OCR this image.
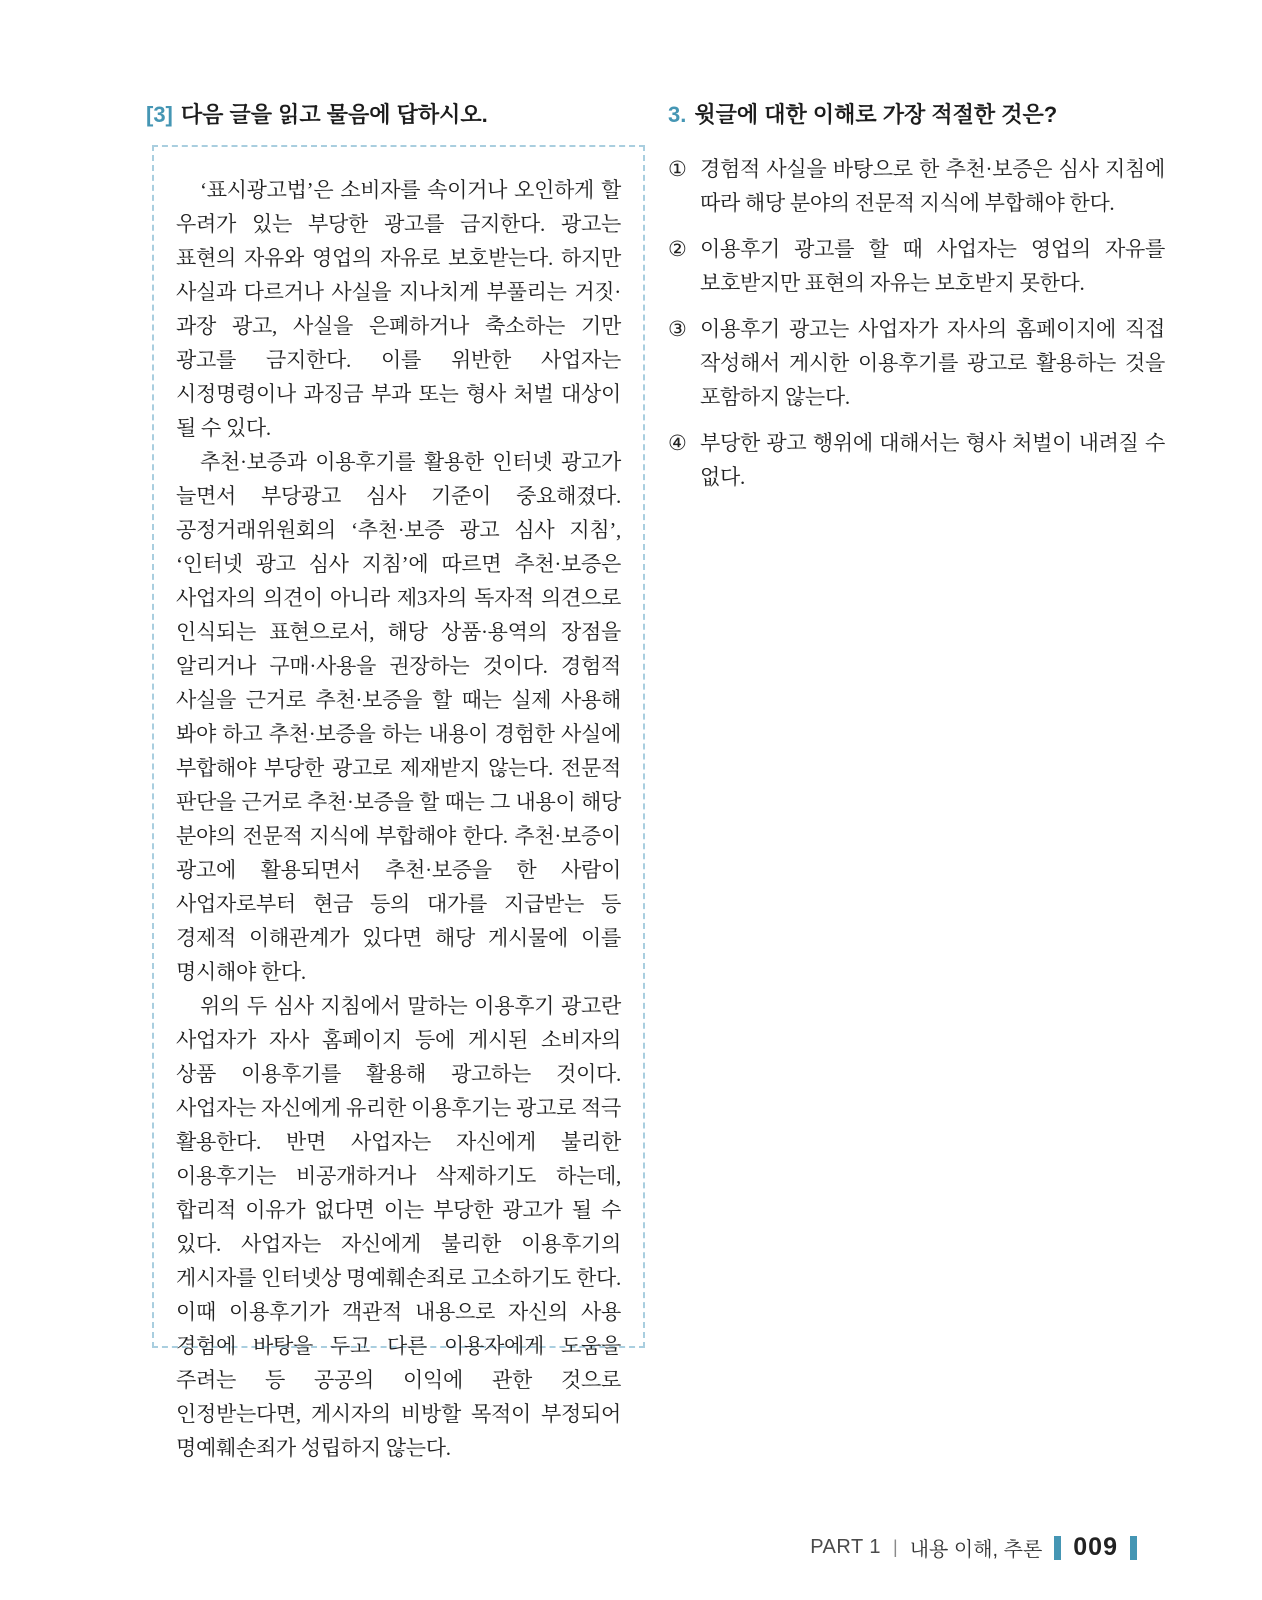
[3] 다음 글을 읽고 물음에 답하시오.

‘표시광고법’은 소비자를 속이거나 오인하게 할 우려가 있는 부당한 광고를 금지한다. 광고는 표현의 자유와 영업의 자유로 보호받는다. 하지만 사실과 다르거나 사실을 지나치게 부풀리는 거짓·과장 광고, 사실을 은폐하거나 축소하는 기만 광고를 금지한다. 이를 위반한 사업자는 시정명령이나 과징금 부과 또는 형사 처벌 대상이 될 수 있다.

추천·보증과 이용후기를 활용한 인터넷 광고가 늘면서 부당광고 심사 기준이 중요해졌다. 공정거래위원회의 ‘추천·보증 광고 심사 지침’, ‘인터넷 광고 심사 지침’에 따르면 추천·보증은 사업자의 의견이 아니라 제3자의 독자적 의견으로 인식되는 표현으로서, 해당 상품·용역의 장점을 알리거나 구매·사용을 권장하는 것이다. 경험적 사실을 근거로 추천·보증을 할 때는 실제 사용해 봐야 하고 추천·보증을 하는 내용이 경험한 사실에 부합해야 부당한 광고로 제재받지 않는다. 전문적 판단을 근거로 추천·보증을 할 때는 그 내용이 해당 분야의 전문적 지식에 부합해야 한다. 추천·보증이 광고에 활용되면서 추천·보증을 한 사람이 사업자로부터 현금 등의 대가를 지급받는 등 경제적 이해관계가 있다면 해당 게시물에 이를 명시해야 한다.

위의 두 심사 지침에서 말하는 이용후기 광고란 사업자가 자사 홈페이지 등에 게시된 소비자의 상품 이용후기를 활용해 광고하는 것이다. 사업자는 자신에게 유리한 이용후기는 광고로 적극 활용한다. 반면 사업자는 자신에게 불리한 이용후기는 비공개하거나 삭제하기도 하는데, 합리적 이유가 없다면 이는 부당한 광고가 될 수 있다. 사업자는 자신에게 불리한 이용후기의 게시자를 인터넷상 명예훼손죄로 고소하기도 한다. 이때 이용후기가 객관적 내용으로 자신의 사용 경험에 바탕을 두고 다른 이용자에게 도움을 주려는 등 공공의 이익에 관한 것으로 인정받는다면, 게시자의 비방할 목적이 부정되어 명예훼손죄가 성립하지 않는다.

3. 윗글에 대한 이해로 가장 적절한 것은?
① 경험적 사실을 바탕으로 한 추천·보증은 심사 지침에 따라 해당 분야의 전문적 지식에 부합해야 한다.
② 이용후기 광고를 할 때 사업자는 영업의 자유를 보호받지만 표현의 자유는 보호받지 못한다.
③ 이용후기 광고는 사업자가 자사의 홈페이지에 직접 작성해서 게시한 이용후기를 광고로 활용하는 것을 포함하지 않는다.
④ 부당한 광고 행위에 대해서는 형사 처벌이 내려질 수 없다.
PART 1 | 내용 이해, 추론 009
